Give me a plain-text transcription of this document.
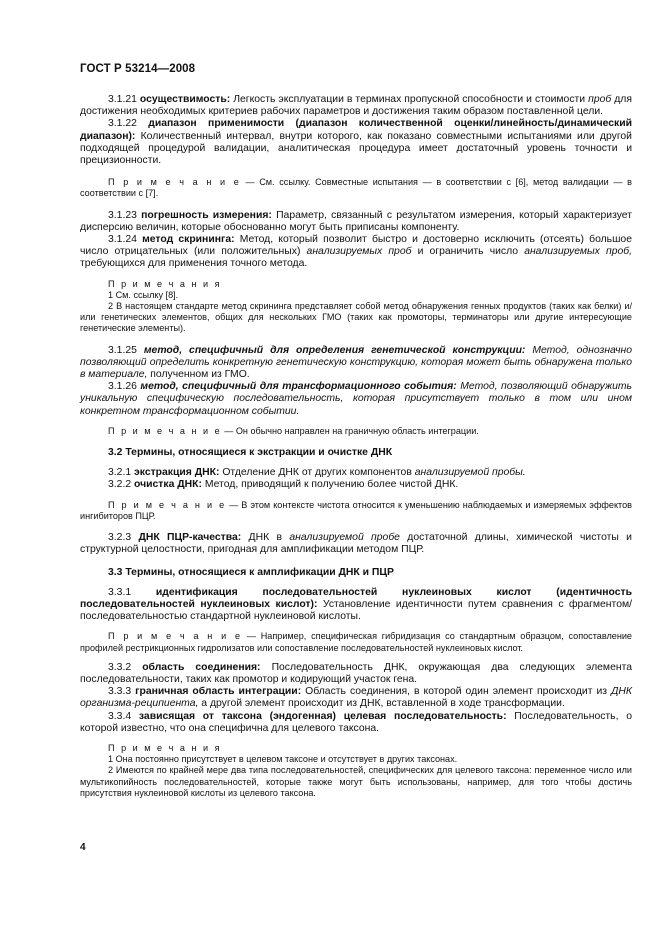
ГОСТ Р 53214—2008

3.1.21 осуществимость: Легкость эксплуатации в терминах пропускной способности и стоимости проб для достижения необходимых критериев рабочих параметров и достижения таким образом поставленной цели.

3.1.22 диапазон применимости (диапазон количественной оценки/линейность/динамический диапазон): Количественный интервал, внутри которого, как показано совместными испытаниями или другой подходящей процедурой валидации, аналитическая процедура имеет достаточный уровень точности и прецизионности.

П р и м е ч а н и е — Cм. ссылку. Совместные испытания — в соответствии с [6], метод валидации — в соответствии с [7].

3.1.23 погрешность измерения: Параметр, связанный с результатом измерения, который характеризует дисперсию величин, которые обоснованно могут быть приписаны компоненту.

3.1.24 метод скрининга: Метод, который позволит быстро и достоверно исключить (отсеять) большое число отрицательных (или положительных) анализируемых проб и ограничить число анализируемых проб, требующихся для применения точного метода.

П р и м е ч а н и я

1 Cм. ссылку [8].

2 В настоящем стандарте метод скрининга представляет собой метод обнаружения генных продуктов (таких как белки) и/или генетических элементов, общих для нескольких ГМО (таких как промоторы, терминаторы или другие интересующие генетические элементы).

3.1.25 метод, специфичный для определения генетической конструкции: Метод, однозначно позволяющий определить конкретную генетическую конструкцию, которая может быть обнаружена только в материале, полученном из ГМО.

3.1.26 метод, специфичный для трансформационного события: Метод, позволяющий обнаружить уникальную специфическую последовательность, которая присутствует только в том или ином конкретном трансформационном событии.

П р и м е ч а н и е — Он обычно направлен на граничную область интеграции.

3.2 Термины, относящиеся к экстракции и очистке ДНК

3.2.1 экстракция ДНК: Отделение ДНК от других компонентов анализируемой пробы.

3.2.2 очистка ДНК: Метод, приводящий к получению более чистой ДНК.

П р и м е ч а н и е — В этом контексте чистота относится к уменьшению наблюдаемых и измеряемых эффектов ингибиторов ПЦР.

3.2.3 ДНК ПЦР-качества: ДНК в анализируемой пробе достаточной длины, химической чистоты и структурной целостности, пригодная для амплификации методом ПЦР.

3.3 Термины, относящиеся к амплификации ДНК и ПЦР

3.3.1 идентификация последовательностей нуклеиновых кислот (идентичность последовательностей нуклеиновых кислот): Установление идентичности путем сравнения с фрагментом/последовательностью стандартной нуклеиновой кислоты.

П р и м е ч а н и е — Например, специфическая гибридизация со стандартным образцом, сопоставление профилей рестрикционных гидролизатов или сопоставление последовательностей нуклеиновых кислот.

3.3.2 область соединения: Последовательность ДНК, окружающая два следующих элемента последовательности, таких как промотор и кодирующий участок гена.

3.3.3 граничная область интеграции: Область соединения, в которой один элемент происходит из ДНК организма-реципиента, а другой элемент происходит из ДНК, вставленной в ходе трансформации.

3.3.4 зависящая от таксона (эндогенная) целевая последовательность: Последовательность, о которой известно, что она специфична для целевого таксона.

П р и м е ч а н и я

1 Она постоянно присутствует в целевом таксоне и отсутствует в других таксонах.

2 Имеются по крайней мере два типа последовательностей, специфических для целевого таксона: переменное число или мультикопийность последовательностей, которые также могут быть использованы, например, для того чтобы достичь присутствия нуклеиновой кислоты из целевого таксона.

4
